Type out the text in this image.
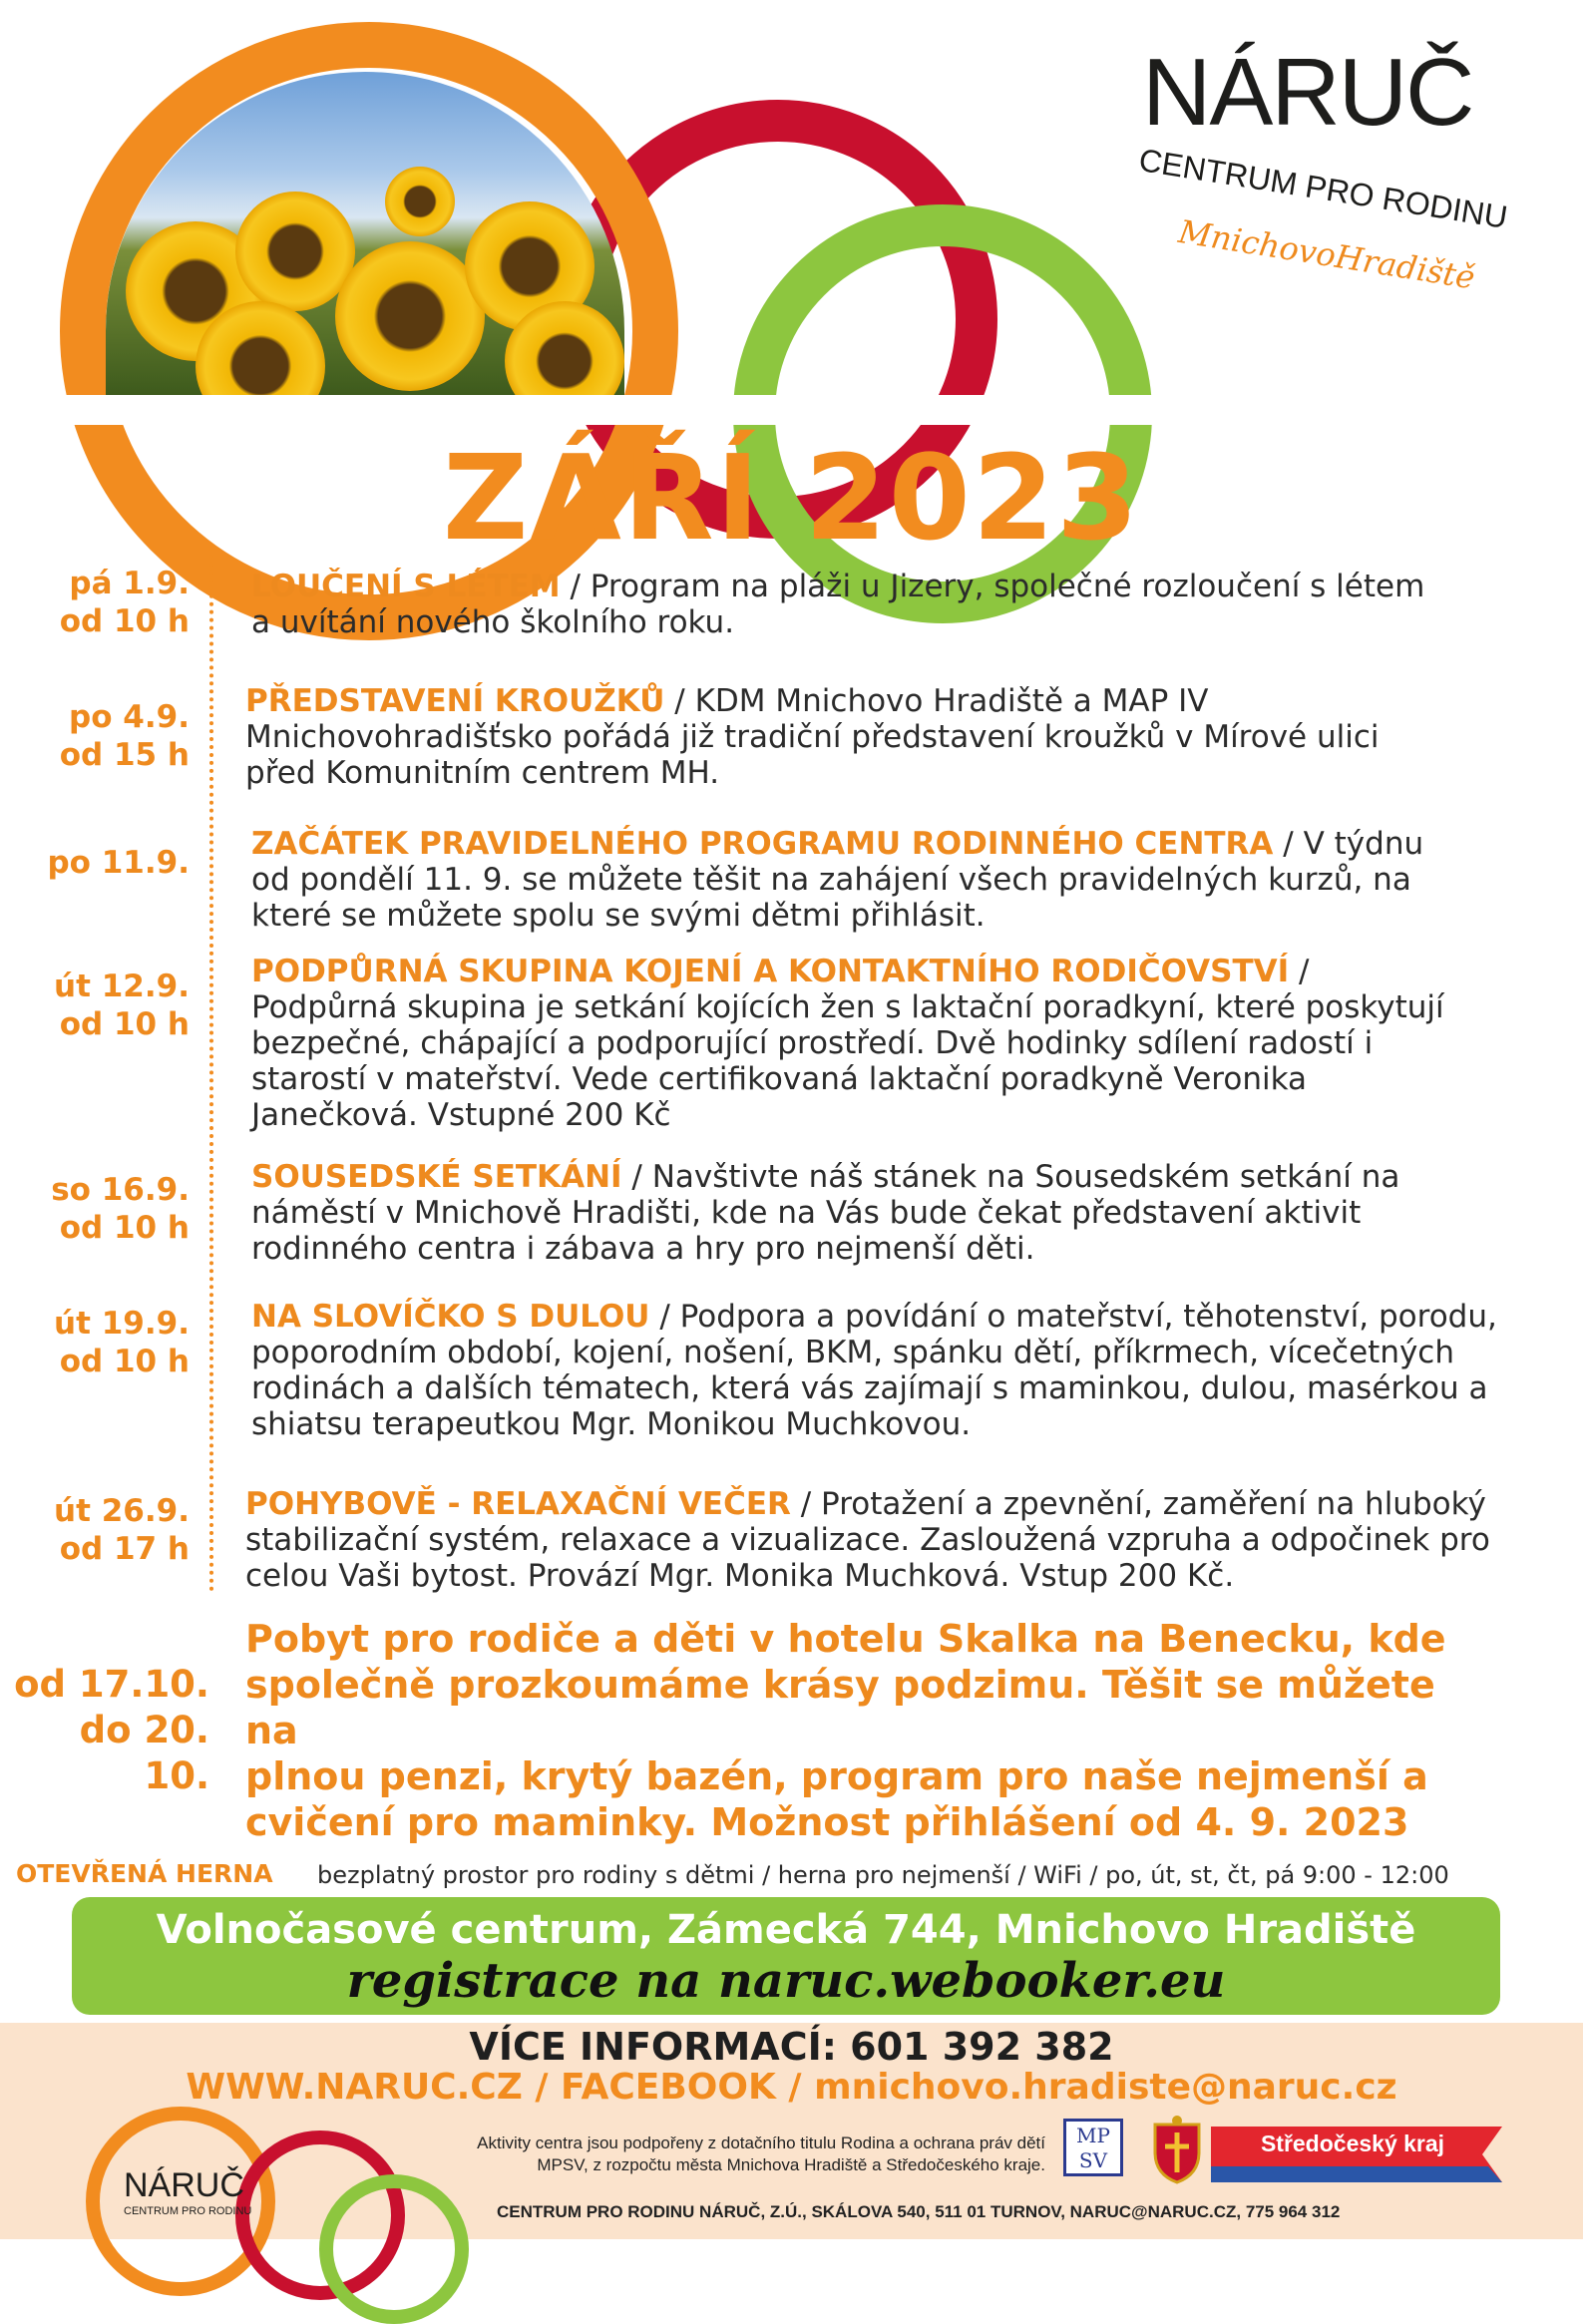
NÁRUČ
CENTRUM PRO RODINU
MnichovoHradiště
ZÁŘÍ 2023
pá 1.9.
od 10 h
LOUČENÍ S LÉTEM / Program na pláži u Jizery, společné rozloučení s létem
a uvítání nového školního roku.
po 4.9.
od 15 h
PŘEDSTAVENÍ KROUŽKŮ / KDM Mnichovo Hradiště a MAP IV
Mnichovohradišťsko pořádá již tradiční představení kroužků v Mírové ulici
před Komunitním centrem MH.
po 11.9.
ZAČÁTEK PRAVIDELNÉHO PROGRAMU RODINNÉHO CENTRA / V týdnu
od pondělí 11. 9. se můžete těšit na zahájení všech pravidelných kurzů, na
které se můžete spolu se svými dětmi přihlásit.
út 12.9.
od 10 h
PODPŮRNÁ SKUPINA KOJENÍ A KONTAKTNÍHO RODIČOVSTVÍ /
Podpůrná skupina je setkání kojících žen s laktační poradkyní, které poskytují
bezpečné, chápající a podporující prostředí. Dvě hodinky sdílení radostí i
starostí v mateřství. Vede certifikovaná laktační poradkyně Veronika
Janečková. Vstupné 200 Kč
so 16.9.
od 10 h
SOUSEDSKÉ SETKÁNÍ / Navštivte náš stánek na Sousedském setkání na
náměstí v Mnichově Hradišti, kde na Vás bude čekat představení aktivit
rodinného centra i zábava a hry pro nejmenší děti.
út 19.9.
od 10 h
NA SLOVÍČKO S DULOU / Podpora a povídání o mateřství, těhotenství, porodu,
poporodním období, kojení, nošení, BKM, spánku dětí, příkrmech, vícečetných
rodinách a dalších tématech, která vás zajímají s maminkou, dulou, masérkou a
shiatsu terapeutkou Mgr. Monikou Muchkovou.
út 26.9.
od 17 h
POHYBOVĚ - RELAXAČNÍ VEČER / Protažení a zpevnění, zaměření na hluboký
stabilizační systém, relaxace a vizualizace. Zasloužená vzpruha a odpočinek pro
celou Vaši bytost. Provází Mgr. Monika Muchková. Vstup 200 Kč.
od 17.10.
do 20. 10.
Pobyt pro rodiče a děti v hotelu Skalka na Benecku, kde
společně prozkoumáme krásy podzimu. Těšit se můžete na
plnou penzi, krytý bazén, program pro naše nejmenší a
cvičení pro maminky. Možnost přihlášení od 4. 9. 2023
OTEVŘENÁ HERNA bezplatný prostor pro rodiny s dětmi / herna pro nejmenší / WiFi / po, út, st, čt, pá 9:00 - 12:00
Volnočasové centrum, Zámecká 744, Mnichovo Hradiště
registrace na naruc.webooker.eu
VÍCE INFORMACÍ: 601 392 382
WWW.NARUC.CZ / FACEBOOK / mnichovo.hradiste@naruc.cz
NÁRUČ
CENTRUM PRO RODINU
Aktivity centra jsou podpořeny z dotačního titulu Rodina a ochrana práv dětí
MPSV, z rozpočtu města Mnichova Hradiště a Středočeského kraje.
MPSV
Středočeský kraj
CENTRUM PRO RODINU NÁRUČ, Z.Ú., SKÁLOVA 540, 511 01 TURNOV, NARUC@NARUC.CZ, 775 964 312
